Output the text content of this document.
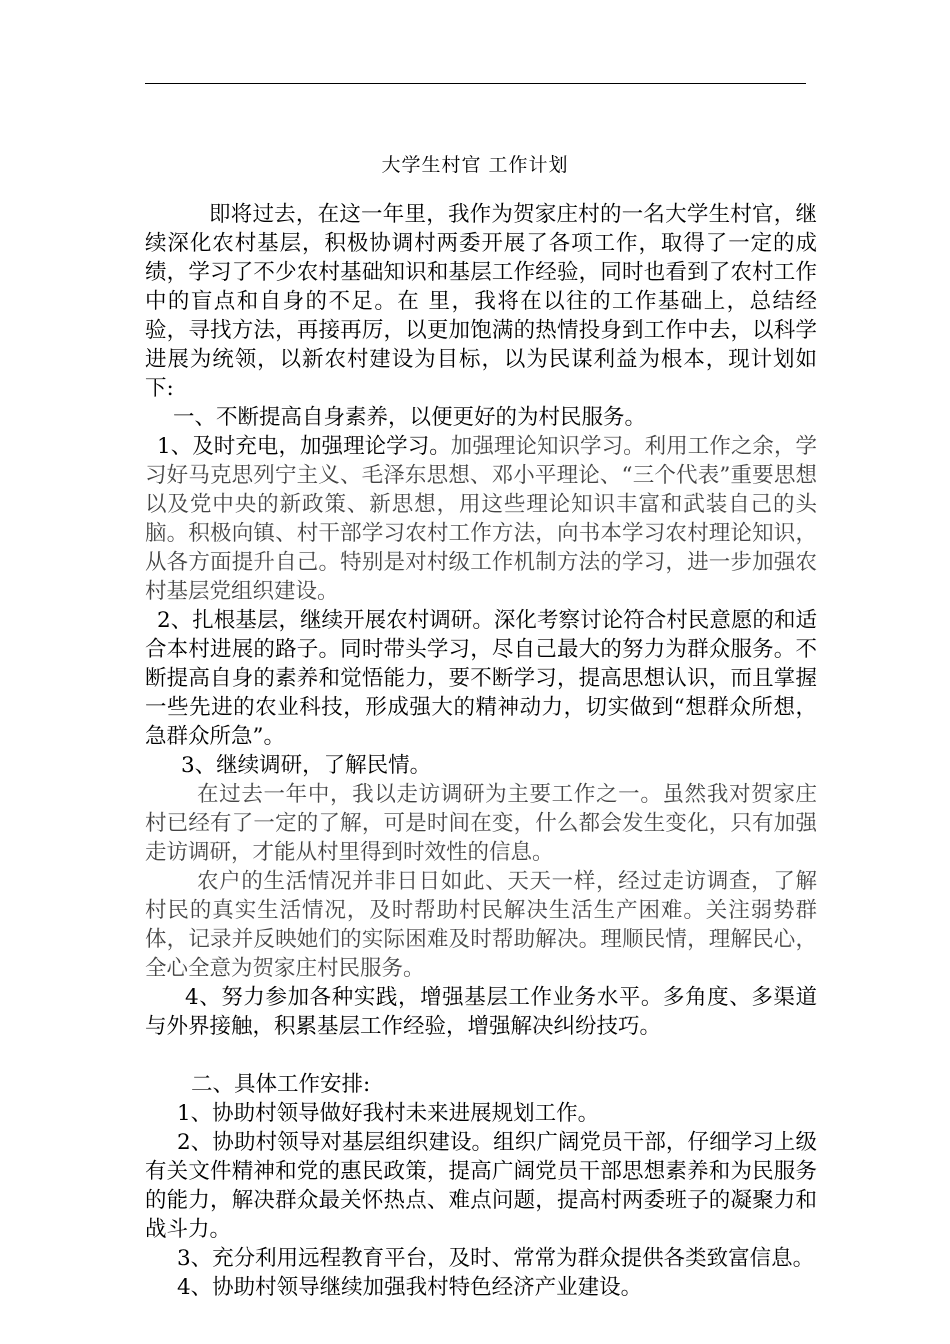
大学生村官 工作计划

即将过去，在这一年里，我作为贺家庄村的一名大学生村官，继续深化农村基层，积极协调村两委开展了各项工作，取得了一定的成绩，学习了不少农村基础知识和基层工作经验，同时也看到了农村工作中的盲点和自身的不足。在 里，我将在以往的工作基础上，总结经验，寻找方法，再接再厉，以更加饱满的热情投身到工作中去，以科学进展为统领，以新农村建设为目标，以为民谋利益为根本，现计划如下:

一、不断提高自身素养，以便更好的为村民服务。

1、及时充电，加强理论学习。加强理论知识学习。利用工作之余，学习好马克思列宁主义、毛泽东思想、邓小平理论、“三个代表”重要思想以及党中央的新政策、新思想，用这些理论知识丰富和武装自己的头脑。积极向镇、村干部学习农村工作方法，向书本学习农村理论知识，从各方面提升自己。特别是对村级工作机制方法的学习，进一步加强农村基层党组织建设。

2、扎根基层，继续开展农村调研。深化考察讨论符合村民意愿的和适合本村进展的路子。同时带头学习，尽自己最大的努力为群众服务。不断提高自身的素养和觉悟能力，要不断学习，提高思想认识，而且掌握一些先进的农业科技，形成强大的精神动力，切实做到“想群众所想，急群众所急”。

3、继续调研，了解民情。

在过去一年中，我以走访调研为主要工作之一。虽然我对贺家庄村已经有了一定的了解，可是时间在变，什么都会发生变化，只有加强走访调研，才能从村里得到时效性的信息。

农户的生活情况并非日日如此、天天一样，经过走访调查，了解村民的真实生活情况，及时帮助村民解决生活生产困难。关注弱势群体，记录并反映她们的实际困难及时帮助解决。理顺民情，理解民心，全心全意为贺家庄村民服务。

4、努力参加各种实践，增强基层工作业务水平。多角度、多渠道与外界接触，积累基层工作经验，增强解决纠纷技巧。

二、具体工作安排:

1、协助村领导做好我村未来进展规划工作。

2、协助村领导对基层组织建设。组织广阔党员干部，仔细学习上级有关文件精神和党的惠民政策，提高广阔党员干部思想素养和为民服务的能力，解决群众最关怀热点、难点问题，提高村两委班子的凝聚力和战斗力。

3、充分利用远程教育平台，及时、常常为群众提供各类致富信息。

4、协助村领导继续加强我村特色经济产业建设。
